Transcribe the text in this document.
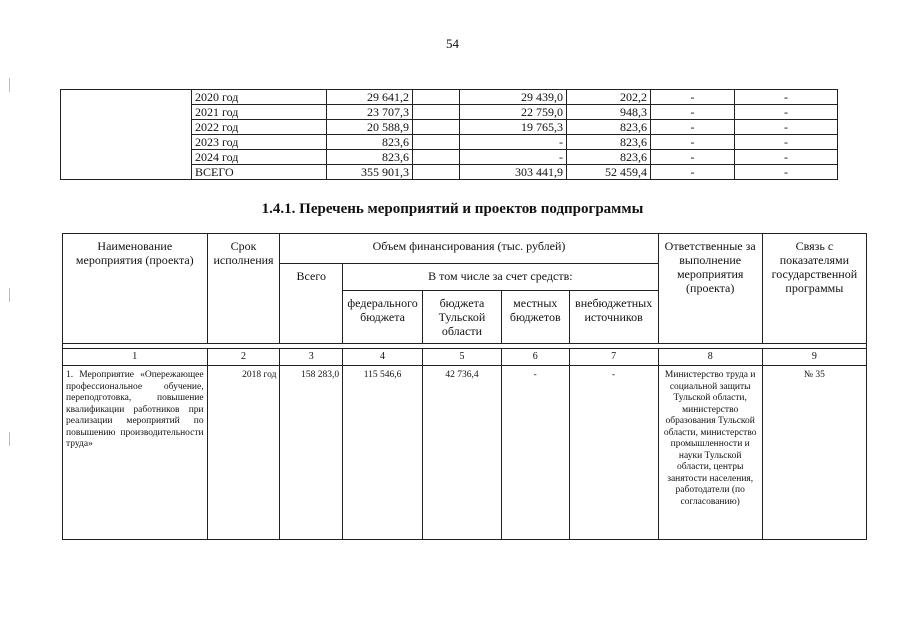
54
	2020 год	29 641,2		29 439,0	202,2	-	-
	2021 год	23 707,3		22 759,0	948,3	-	-
	2022 год	20 588,9		19 765,3	823,6	-	-
	2023 год	823,6		-	823,6	-	-
	2024 год	823,6		-	823,6	-	-
	ВСЕГО	355 901,3		303 441,9	52 459,4	-	-
1.4.1. Перечень мероприятий и проектов подпрограммы
Наименование мероприятия (проекта)	Срок исполнения	Объем финансирования (тыс. рублей)					Ответственные за выполнение мероприятия (проекта)	Связь с показателями государственной программы
		Всего	В том числе за счет средств:					
			федерального бюджета	бюджета Тульской области	местных бюджетов	внебюджетных источников		

1	2	3	4	5	6	7	8	9
1. Мероприятие «Опережающее профессиональное обучение, переподготовка, повышение квалификации работников при реализации мероприятий по повышению производительности труда»	2018 год	158 283,0	115 546,6	42 736,4	-	-	Министерство труда и социальной защиты Тульской области, министерство образования Тульской области, министерство промышленности и науки Тульской области, центры занятости населения, работодатели (по согласованию)	№ 35
